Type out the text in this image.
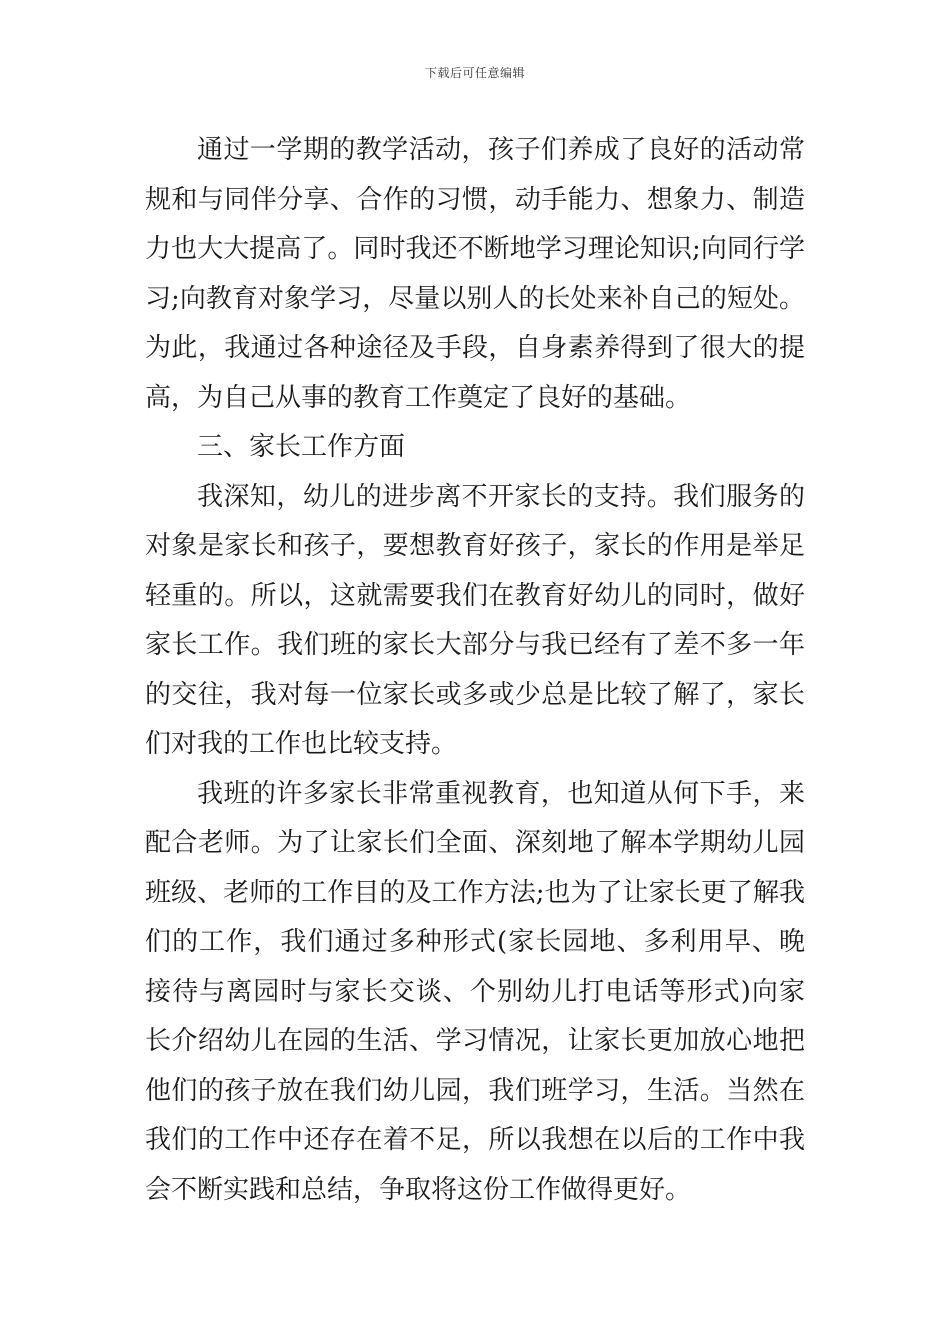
下载后可任意编辑

通过一学期的教学活动，孩子们养成了良好的活动常规和与同伴分享、合作的习惯，动手能力、想象力、制造力也大大提高了。同时我还不断地学习理论知识;向同行学习;向教育对象学习，尽量以别人的长处来补自己的短处。为此，我通过各种途径及手段，自身素养得到了很大的提高，为自己从事的教育工作奠定了良好的基础。

三、家长工作方面

我深知，幼儿的进步离不开家长的支持。我们服务的对象是家长和孩子，要想教育好孩子，家长的作用是举足轻重的。所以，这就需要我们在教育好幼儿的同时，做好家长工作。我们班的家长大部分与我已经有了差不多一年的交往，我对每一位家长或多或少总是比较了解了，家长们对我的工作也比较支持。

我班的许多家长非常重视教育，也知道从何下手，来配合老师。为了让家长们全面、深刻地了解本学期幼儿园班级、老师的工作目的及工作方法;也为了让家长更了解我们的工作，我们通过多种形式(家长园地、多利用早、晚接待与离园时与家长交谈、个别幼儿打电话等形式)向家长介绍幼儿在园的生活、学习情况，让家长更加放心地把他们的孩子放在我们幼儿园，我们班学习，生活。当然在我们的工作中还存在着不足，所以我想在以后的工作中我会不断实践和总结，争取将这份工作做得更好。
